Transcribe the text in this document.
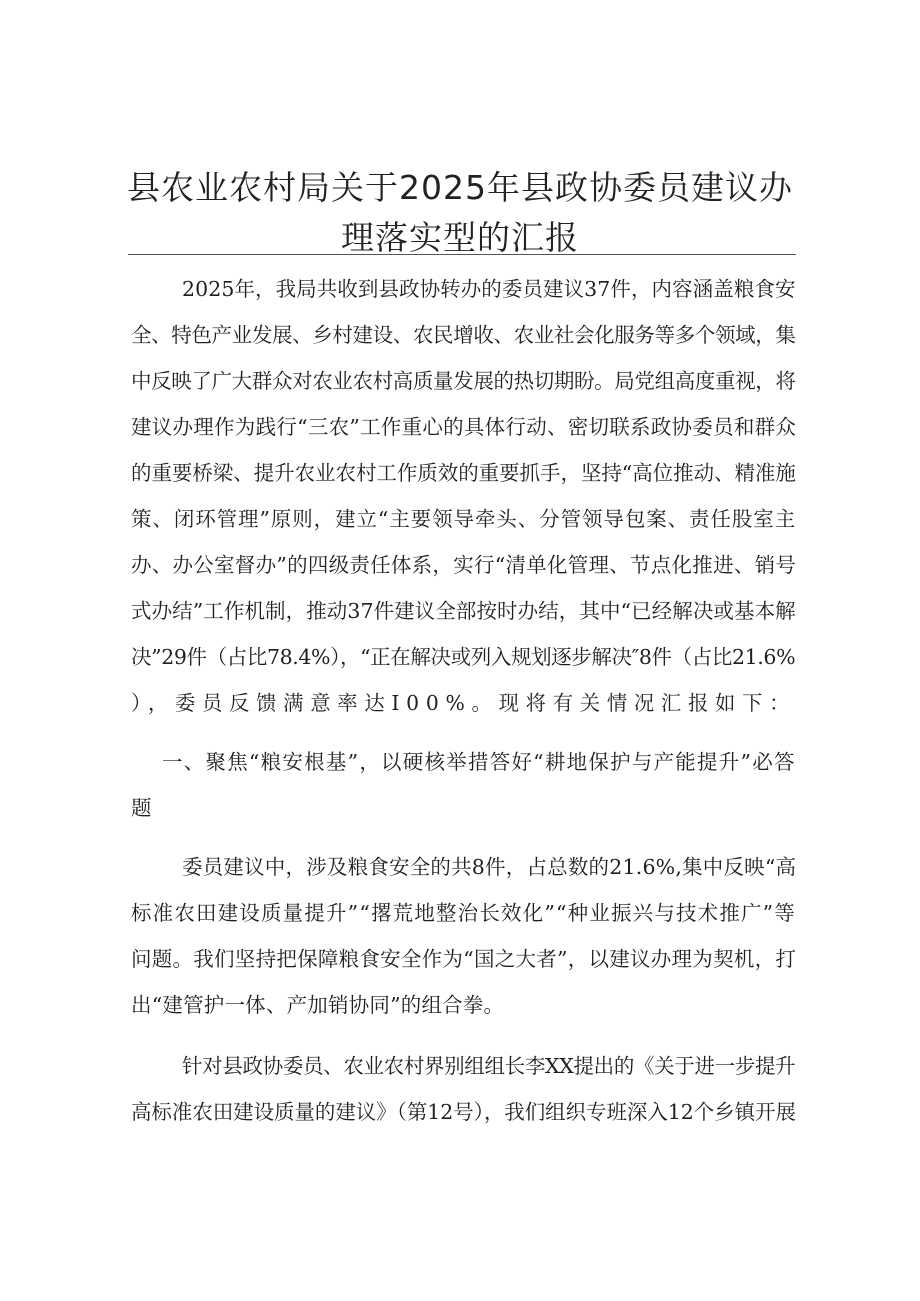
县农业农村局关于2025年县政协委员建议办
理落实型的汇报
2025年，我局共收到县政协转办的委员建议37件，内容涵盖粮食安
全、特色产业发展、乡村建设、农民增收、农业社会化服务等多个领域，集
中反映了广大群众对农业农村高质量发展的热切期盼。局党组高度重视，将
建议办理作为践行“三农”工作重心的具体行动、密切联系政协委员和群众
的重要桥梁、提升农业农村工作质效的重要抓手，坚持“高位推动、精准施
策、闭环管理”原则，建立“主要领导牵头、分管领导包案、责任股室主
办、办公室督办”的四级责任体系，实行“清单化管理、节点化推进、销号
式办结”工作机制，推动37件建议全部按时办结，其中“已经解决或基本解
决”29件（占比78.4%），“正在解决或列入规划逐步解决″8件（占比21.6%
），委员反馈满意率达I00%。现将有关情况汇报如下：
一、聚焦“粮安根基”，以硬核举措答好“耕地保护与产能提升”必答
题
委员建议中，涉及粮食安全的共8件，占总数的21.6%,集中反映“高
标准农田建设质量提升”“撂荒地整治长效化”“种业振兴与技术推广”等
问题。我们坚持把保障粮食安全作为“国之大者”，以建议办理为契机，打
出“建管护一体、产加销协同”的组合拳。
针对县政协委员、农业农村界别组组长李XX提出的《关于进一步提升
高标准农田建设质量的建议》（第12号），我们组织专班深入12个乡镇开展
